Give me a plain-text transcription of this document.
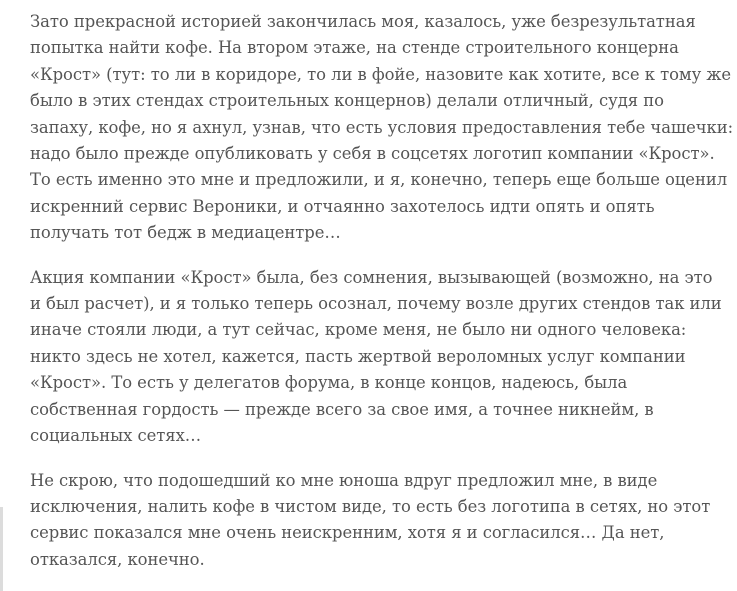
Зато прекрасной историей закончилась моя, казалось, уже безрезультатная
попытка найти кофе. На втором этаже, на стенде строительного концерна
«Крост» (тут: то ли в коридоре, то ли в фойе, назовите как хотите, все к тому же
было в этих стендах строительных концернов) делали отличный, судя по
запаху, кофе, но я ахнул, узнав, что есть условия предоставления тебе чашечки:
надо было прежде опубликовать у себя в соцсетях логотип компании «Крост».
То есть именно это мне и предложили, и я, конечно, теперь еще больше оценил
искренний сервис Вероники, и отчаянно захотелось идти опять и опять
получать тот бедж в медиацентре…
Акция компании «Крост» была, без сомнения, вызывающей (возможно, на это
и был расчет), и я только теперь осознал, почему возле других стендов так или
иначе стояли люди, а тут сейчас, кроме меня, не было ни одного человека:
никто здесь не хотел, кажется, пасть жертвой вероломных услуг компании
«Крост». То есть у делегатов форума, в конце концов, надеюсь, была
собственная гордость — прежде всего за свое имя, а точнее никнейм, в
социальных сетях…
Не скрою, что подошедший ко мне юноша вдруг предложил мне, в виде
исключения, налить кофе в чистом виде, то есть без логотипа в сетях, но этот
сервис показался мне очень неискренним, хотя я и согласился… Да нет,
отказался, конечно.
